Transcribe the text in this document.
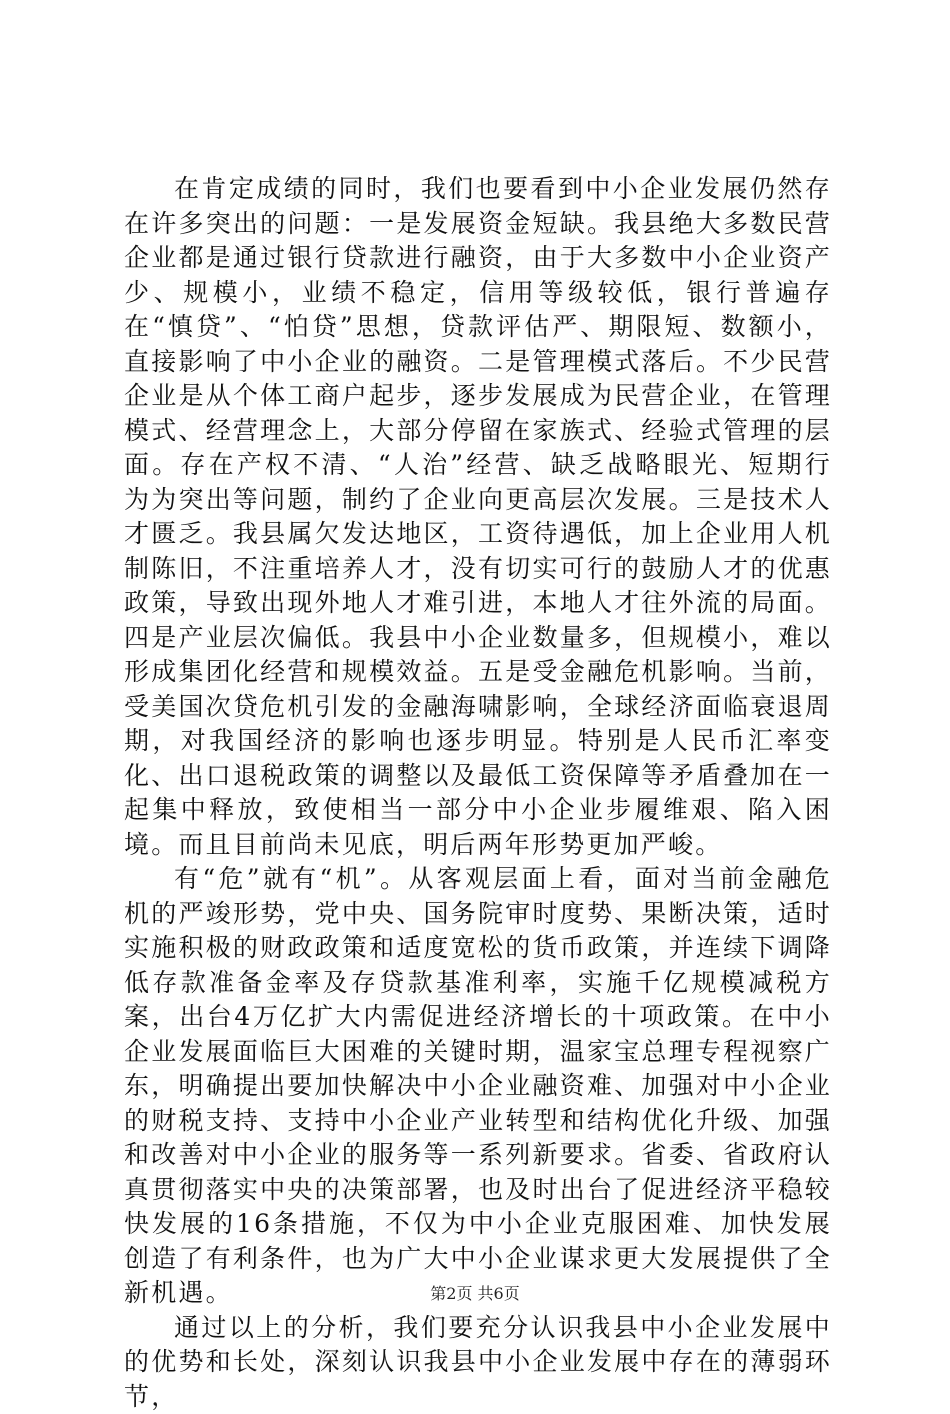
在肯定成绩的同时，我们也要看到中小企业发展仍然存在许多突出的问题：一是发展资金短缺。我县绝大多数民营企业都是通过银行贷款进行融资，由于大多数中小企业资产少、规模小，业绩不稳定，信用等级较低，银行普遍存在“慎贷”、“怕贷”思想，贷款评估严、期限短、数额小，直接影响了中小企业的融资。二是管理模式落后。不少民营企业是从个体工商户起步，逐步发展成为民营企业，在管理模式、经营理念上，大部分停留在家族式、经验式管理的层面。存在产权不清、“人治”经营、缺乏战略眼光、短期行为为突出等问题，制约了企业向更高层次发展。三是技术人才匮乏。我县属欠发达地区，工资待遇低，加上企业用人机制陈旧，不注重培养人才，没有切实可行的鼓励人才的优惠政策，导致出现外地人才难引进，本地人才往外流的局面。四是产业层次偏低。我县中小企业数量多，但规模小，难以形成集团化经营和规模效益。五是受金融危机影响。当前，受美国次贷危机引发的金融海啸影响，全球经济面临衰退周期，对我国经济的影响也逐步明显。特别是人民币汇率变化、出口退税政策的调整以及最低工资保障等矛盾叠加在一起集中释放，致使相当一部分中小企业步履维艰、陷入困境。而且目前尚未见底，明后两年形势更加严峻。

有“危”就有“机”。从客观层面上看，面对当前金融危机的严竣形势，党中央、国务院审时度势、果断决策，适时实施积极的财政政策和适度宽松的货币政策，并连续下调降低存款准备金率及存贷款基准利率，实施千亿规模减税方案，出台4万亿扩大内需促进经济增长的十项政策。在中小企业发展面临巨大困难的关键时期，温家宝总理专程视察广东，明确提出要加快解决中小企业融资难、加强对中小企业的财税支持、支持中小企业产业转型和结构优化升级、加强和改善对中小企业的服务等一系列新要求。省委、省政府认真贯彻落实中央的决策部署，也及时出台了促进经济平稳较快发展的16条措施，不仅为中小企业克服困难、加快发展创造了有利条件，也为广大中小企业谋求更大发展提供了全新机遇。

通过以上的分析，我们要充分认识我县中小企业发展中的优势和长处，深刻认识我县中小企业发展中存在的薄弱环节，

第2页 共6页
